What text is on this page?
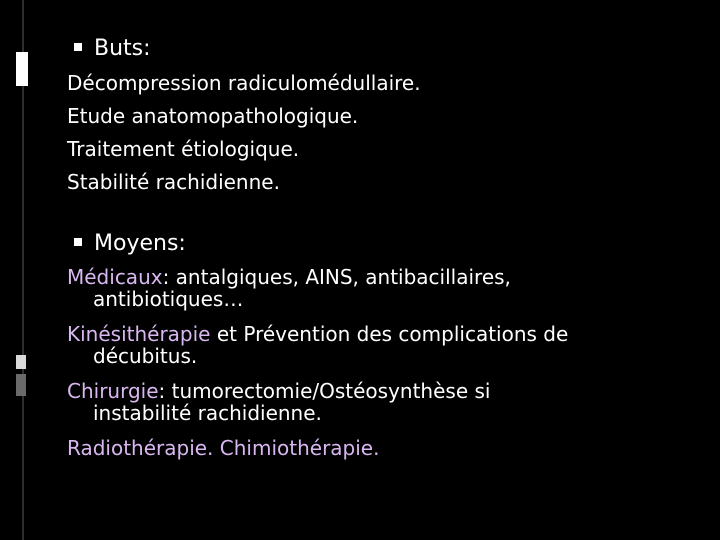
Buts:
Décompression radiculomédullaire.
Etude anatomopathologique.
Traitement étiologique.
Stabilité rachidienne.
Moyens:
Médicaux: antalgiques, AINS, antibacillaires,
antibiotiques…
Kinésithérapie et Prévention des complications de
décubitus.
Chirurgie: tumorectomie/Ostéosynthèse si
instabilité rachidienne.
Radiothérapie. Chimiothérapie.
